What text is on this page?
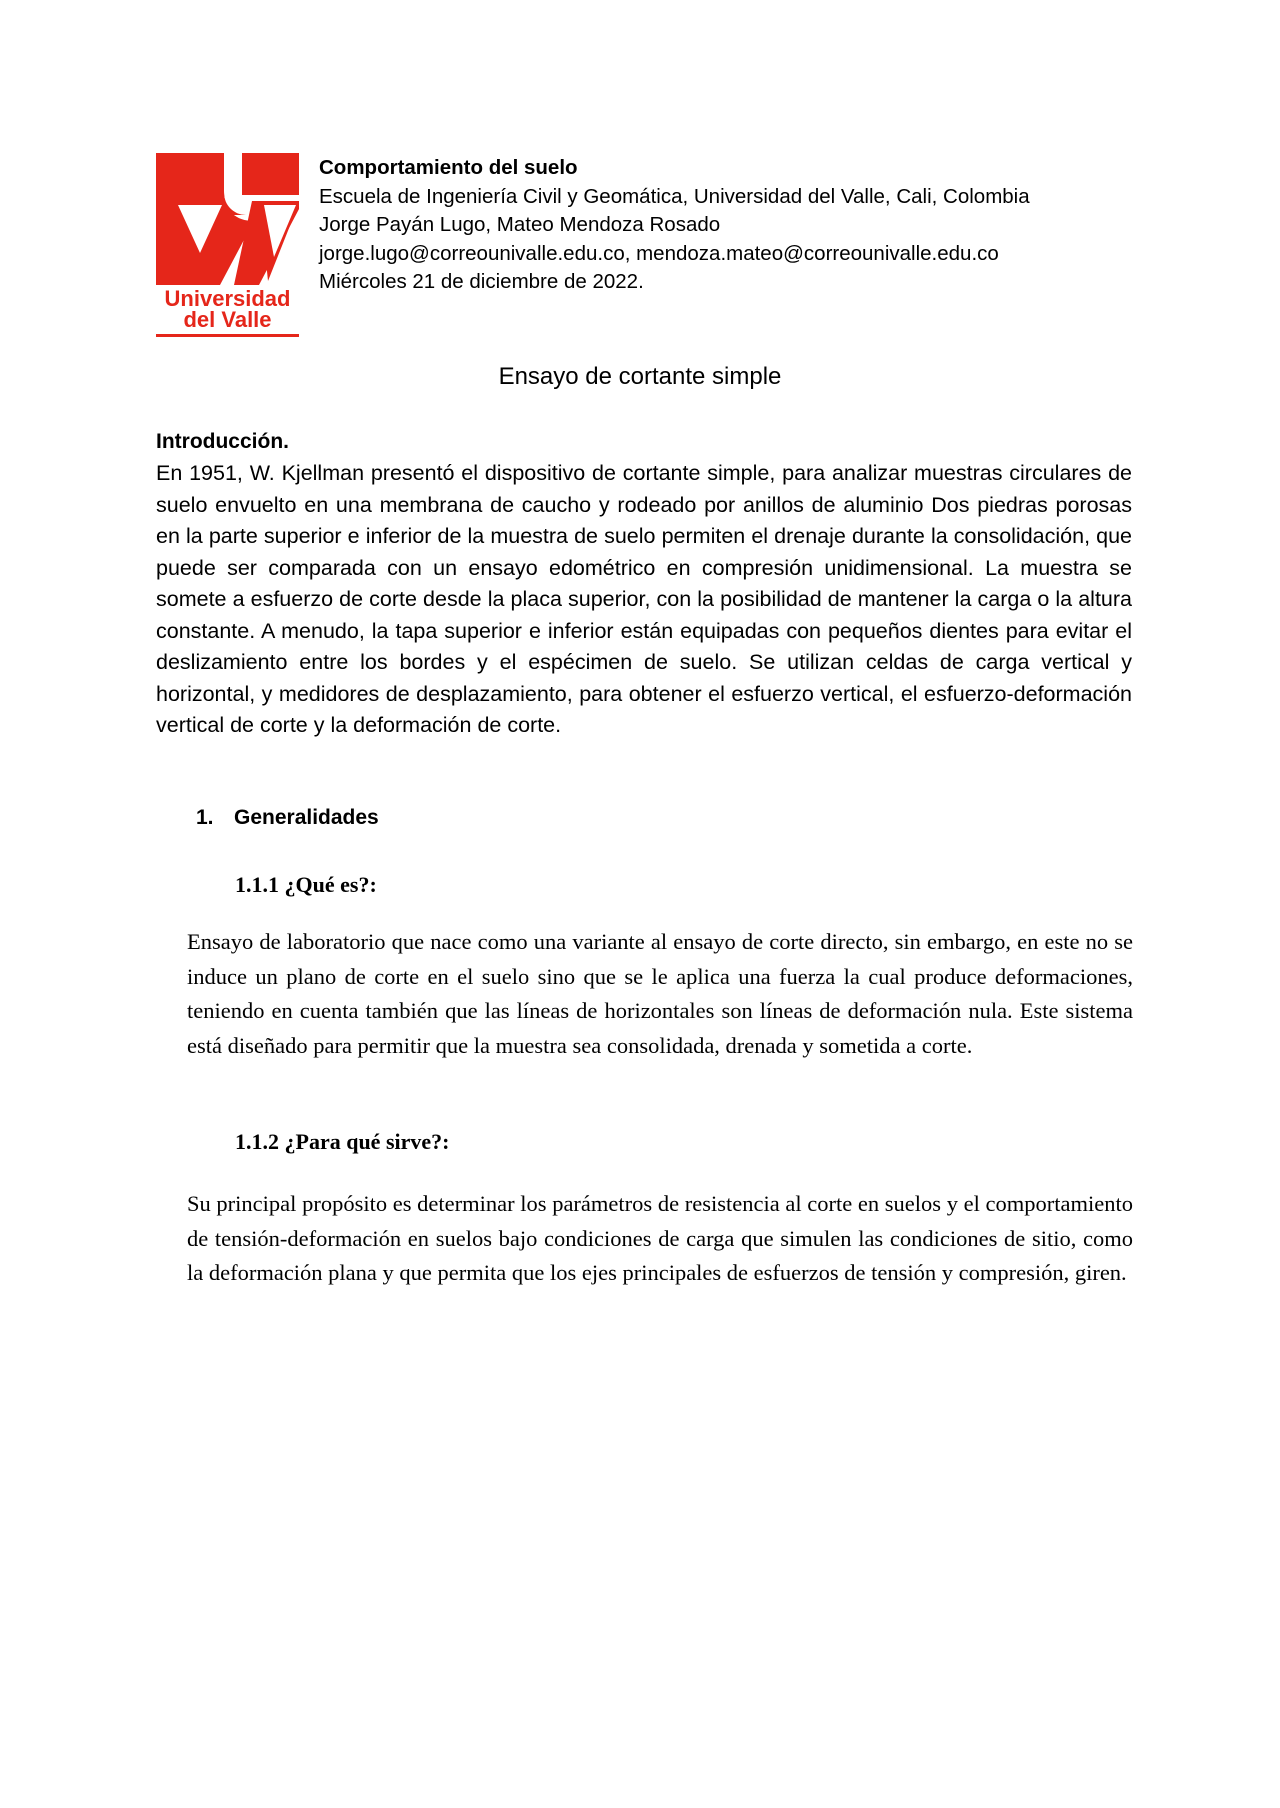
Universidad
del Valle
Comportamiento del suelo
Escuela de Ingeniería Civil y Geomática, Universidad del Valle, Cali, Colombia
Jorge Payán Lugo, Mateo Mendoza Rosado
jorge.lugo@correounivalle.edu.co, mendoza.mateo@correounivalle.edu.co
Miércoles 21 de diciembre de 2022.
Ensayo de cortante simple
Introducción.

En 1951, W. Kjellman presentó el dispositivo de cortante simple, para analizar muestras circulares de suelo envuelto en una membrana de caucho y rodeado por anillos de aluminio Dos piedras porosas en la parte superior e inferior de la muestra de suelo permiten el drenaje durante la consolidación, que puede ser comparada con un ensayo edométrico en compresión unidimensional. La muestra se somete a esfuerzo de corte desde la placa superior, con la posibilidad de mantener la carga o la altura constante. A menudo, la tapa superior e inferior están equipadas con pequeños dientes para evitar el deslizamiento entre los bordes y el espécimen de suelo. Se utilizan celdas de carga vertical y horizontal, y medidores de desplazamiento, para obtener el esfuerzo vertical, el esfuerzo-deformación vertical de corte y la deformación de corte.

1. Generalidades
1.1.1 ¿Qué es?:

Ensayo de laboratorio que nace como una variante al ensayo de corte directo, sin embargo, en este no se induce un plano de corte en el suelo sino que se le aplica una fuerza la cual produce deformaciones, teniendo en cuenta también que las líneas de horizontales son líneas de deformación nula. Este sistema está diseñado para permitir que la muestra sea consolidada, drenada y sometida a corte.

1.1.2 ¿Para qué sirve?:

Su principal propósito es determinar los parámetros de resistencia al corte en suelos y el comportamiento de tensión-deformación en suelos bajo condiciones de carga que simulen las condiciones de sitio, como la deformación plana y que permita que los ejes principales de esfuerzos de tensión y compresión, giren.
